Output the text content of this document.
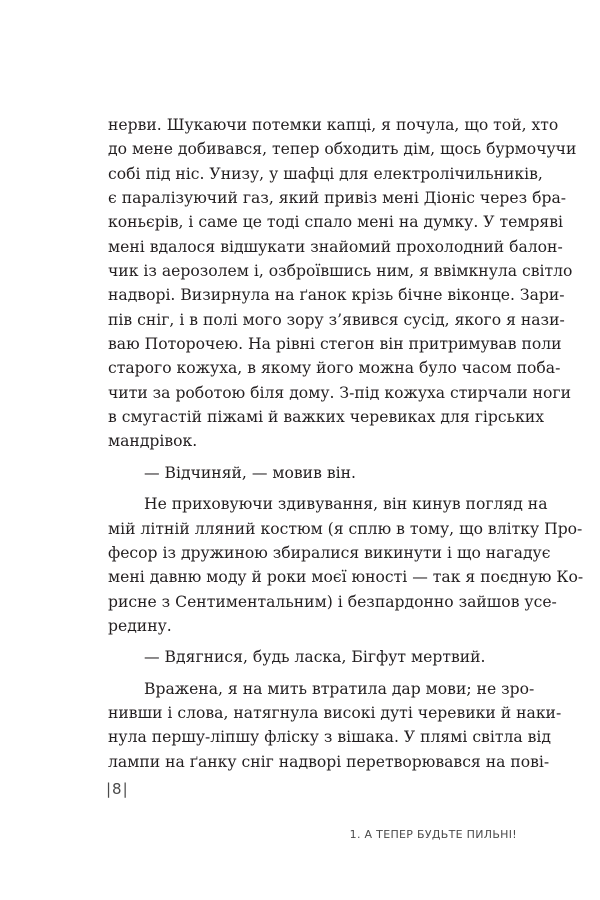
нерви. Шукаючи потемки капці, я почула, що той, хто
до мене добивався, тепер обходить дім, щось бурмочучи
собі під ніс. Унизу, у шафці для електролічильників,
є паралізуючий газ, який привіз мені Діоніс через бра-
коньєрів, і саме це тоді спало мені на думку. У темряві
мені вдалося відшукати знайомий прохолодний балон-
чик із аерозолем і, озброївшись ним, я ввімкнула світло
надворі. Визирнула на ґанок крізь бічне віконце. Зари-
пів сніг, і в полі мого зору з’явився сусід, якого я нази-
ваю Поторочею. На рівні стегон він притримував поли
старого кожуха, в якому його можна було часом поба-
чити за роботою біля дому. З-під кожуха стирчали ноги
в смугастій піжамі й важких черевиках для гірських
мандрівок.
— Відчиняй, — мовив він.
Не приховуючи здивування, він кинув погляд на
мій літній лляний костюм (я сплю в тому, що влітку Про-
фесор із дружиною збиралися викинути і що нагадує
мені давню моду й роки моєї юності — так я поєдную Ко-
рисне з Сентиментальним) і безпардонно зайшов усе-
редину.
— Вдягнися, будь ласка, Бігфут мертвий.
Вражена, я на мить втратила дар мови; не зро-
нивши і слова, натягнула високі дуті черевики й наки-
нула першу-ліпшу фліску з вішака. У плямі світла від
лампи на ґанку сніг надворі перетворювався на пові-
|8|
1. А ТЕПЕР БУДЬТЕ ПИЛЬНІ!
